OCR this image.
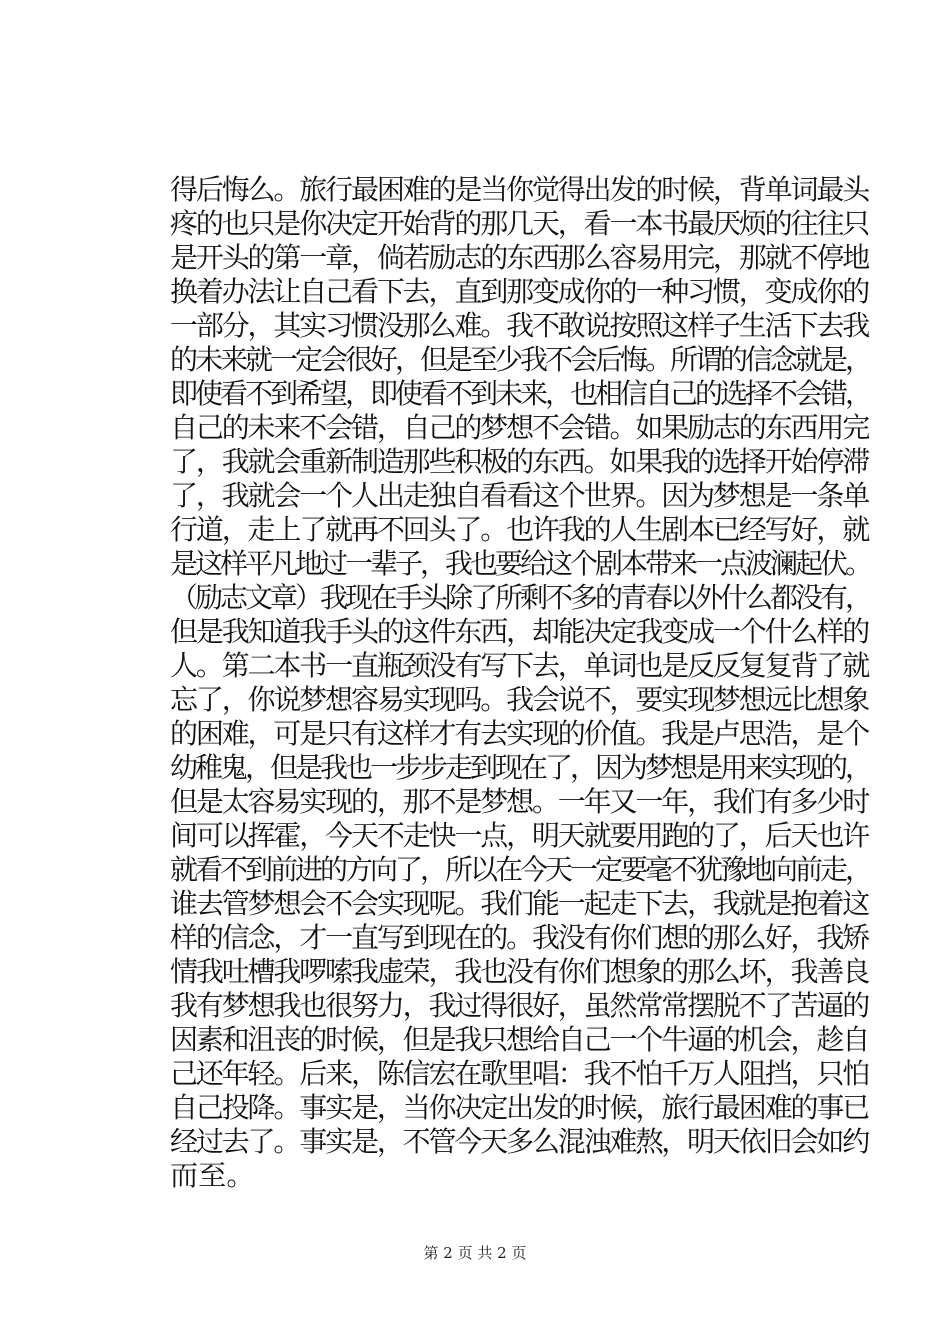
得后悔么。旅行最困难的是当你觉得出发的时候，背单词最头
疼的也只是你决定开始背的那几天，看一本书最厌烦的往往只
是开头的第一章，倘若励志的东西那么容易用完，那就不停地
换着办法让自己看下去，直到那变成你的一种习惯，变成你的
一部分，其实习惯没那么难。我不敢说按照这样子生活下去我
的未来就一定会很好，但是至少我不会后悔。所谓的信念就是，
即使看不到希望，即使看不到未来，也相信自己的选择不会错，
自己的未来不会错，自己的梦想不会错。如果励志的东西用完
了，我就会重新制造那些积极的东西。如果我的选择开始停滞
了，我就会一个人出走独自看看这个世界。因为梦想是一条单
行道，走上了就再不回头了。也许我的人生剧本已经写好，就
是这样平凡地过一辈子，我也要给这个剧本带来一点波澜起伏。
（励志文章）我现在手头除了所剩不多的青春以外什么都没有，
但是我知道我手头的这件东西，却能决定我变成一个什么样的
人。第二本书一直瓶颈没有写下去，单词也是反反复复背了就
忘了，你说梦想容易实现吗。我会说不，要实现梦想远比想象
的困难，可是只有这样才有去实现的价值。我是卢思浩，是个
幼稚鬼，但是我也一步步走到现在了，因为梦想是用来实现的，
但是太容易实现的，那不是梦想。一年又一年，我们有多少时
间可以挥霍，今天不走快一点，明天就要用跑的了，后天也许
就看不到前进的方向了，所以在今天一定要毫不犹豫地向前走，
谁去管梦想会不会实现呢。我们能一起走下去，我就是抱着这
样的信念，才一直写到现在的。我没有你们想的那么好，我矫
情我吐槽我啰嗦我虚荣，我也没有你们想象的那么坏，我善良
我有梦想我也很努力，我过得很好，虽然常常摆脱不了苦逼的
因素和沮丧的时候，但是我只想给自己一个牛逼的机会，趁自
己还年轻。后来，陈信宏在歌里唱：我不怕千万人阻挡，只怕
自己投降。事实是，当你决定出发的时候，旅行最困难的事已
经过去了。事实是，不管今天多么混浊难熬，明天依旧会如约
而至。
第 2 页 共 2 页
